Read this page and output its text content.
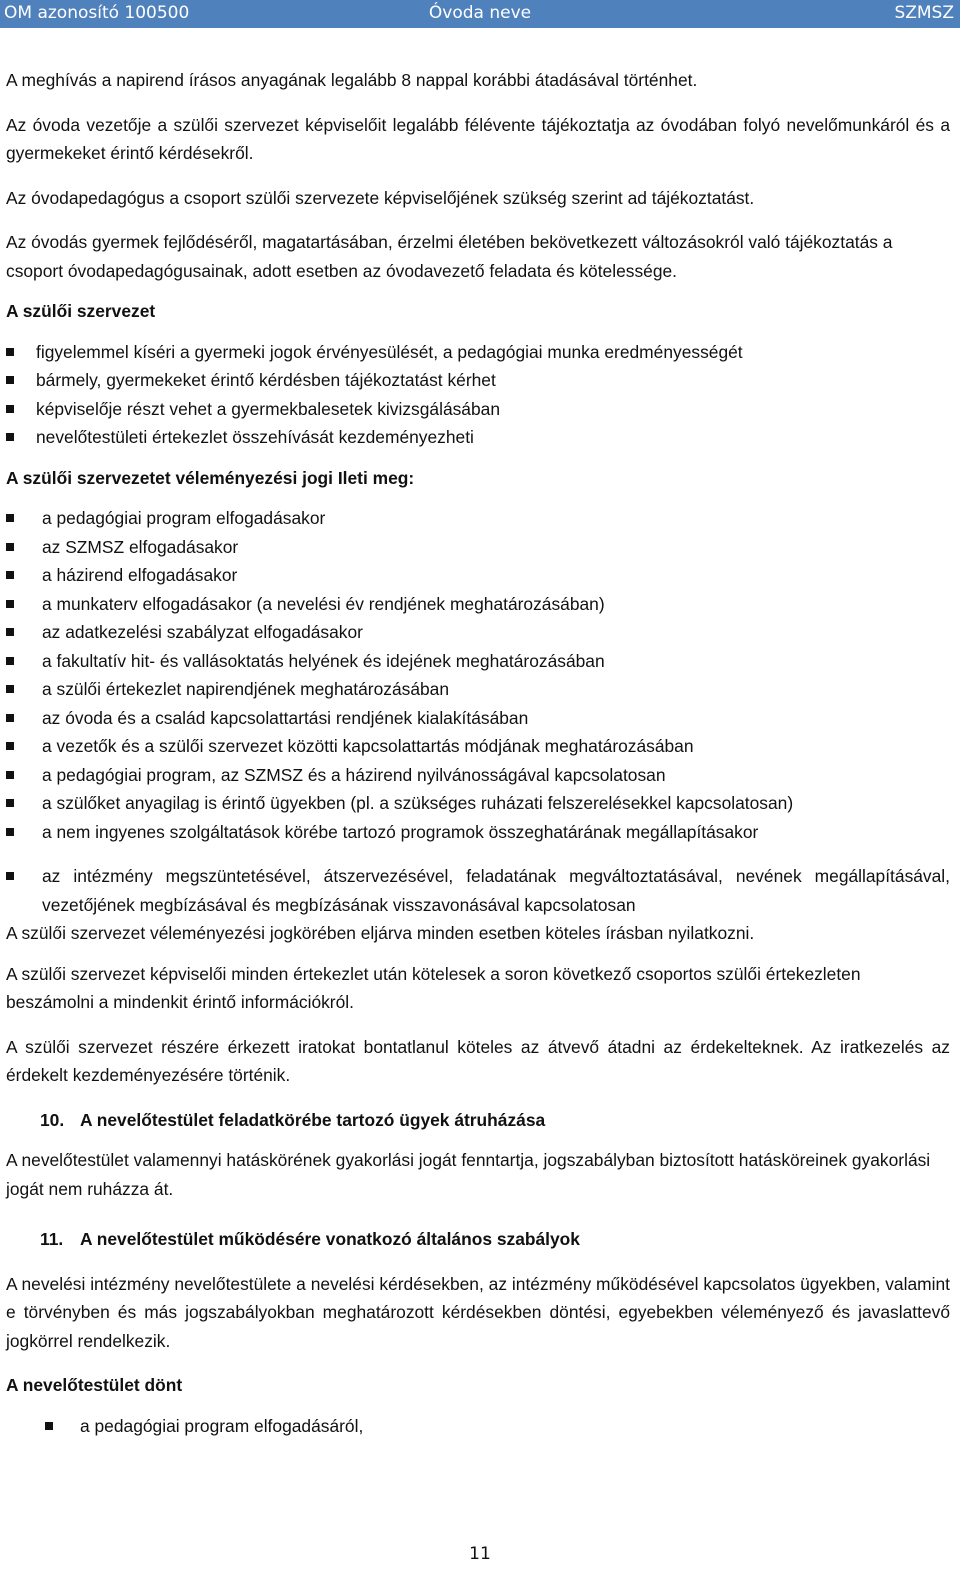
Óvoda neve
OM azonosító 100500	SZMSZ

A meghívás a napirend írásos anyagának legalább 8 nappal korábbi átadásával történhet.

Az óvoda vezetője a szülői szervezet képviselőit legalább félévente tájékoztatja az óvodában folyó nevelőmunkáról és a gyermekeket érintő kérdésekről.

Az óvodapedagógus a csoport szülői szervezete képviselőjének szükség szerint ad tájékoztatást.

Az óvodás gyermek fejlődéséről, magatartásában, érzelmi életében bekövetkezett változásokról való tájékoztatás a csoport óvodapedagógusainak, adott esetben az óvodavezető feladata és kötelessége.

A szülői szervezet

figyelemmel kíséri a gyermeki jogok érvényesülését, a pedagógiai munka eredményességét
bármely, gyermekeket érintő kérdésben tájékoztatást kérhet
képviselője részt vehet a gyermekbalesetek kivizsgálásában
nevelőtestületi értekezlet összehívását kezdeményezheti

A szülői szervezetet véleményezési jogi Ileti meg:

a pedagógiai program elfogadásakor
az SZMSZ elfogadásakor
a házirend elfogadásakor
a munkaterv elfogadásakor (a nevelési év rendjének meghatározásában)
az adatkezelési szabályzat elfogadásakor
a fakultatív hit- és vallásoktatás helyének és idejének meghatározásában
a szülői értekezlet napirendjének meghatározásában
az óvoda és a család kapcsolattartási rendjének kialakításában
a vezetők és a szülői szervezet közötti kapcsolattartás módjának meghatározásában
a pedagógiai program, az SZMSZ és a házirend nyilvánosságával kapcsolatosan
a szülőket anyagilag is érintő ügyekben (pl. a szükséges ruházati felszerelésekkel kapcsolatosan)
a nem ingyenes szolgáltatások körébe tartozó programok összeghatárának megállapításakor
az intézmény megszüntetésével, átszervezésével, feladatának megváltoztatásával, nevének megállapításával, vezetőjének megbízásával és megbízásának visszavonásával kapcsolatosan

A szülői szervezet véleményezési jogkörében eljárva minden esetben köteles írásban nyilatkozni.

A szülői szervezet képviselői minden értekezlet után kötelesek a soron következő csoportos szülői értekezleten beszámolni a mindenkit érintő információkról.

A szülői szervezet részére érkezett iratokat bontatlanul köteles az átvevő átadni az érdekelteknek. Az iratkezelés az érdekelt kezdeményezésére történik.

10. A nevelőtestület feladatkörébe tartozó ügyek átruházása

A nevelőtestület valamennyi hatáskörének gyakorlási jogát fenntartja, jogszabályban biztosított hatásköreinek gyakorlási jogát nem ruházza át.

11. A nevelőtestület működésére vonatkozó általános szabályok

A nevelési intézmény nevelőtestülete a nevelési kérdésekben, az intézmény működésével kapcsolatos ügyekben, valamint e törvényben és más jogszabályokban meghatározott kérdésekben döntési, egyebekben véleményező és javaslattevő jogkörrel rendelkezik.

A nevelőtestület dönt

a pedagógiai program elfogadásáról,
11
